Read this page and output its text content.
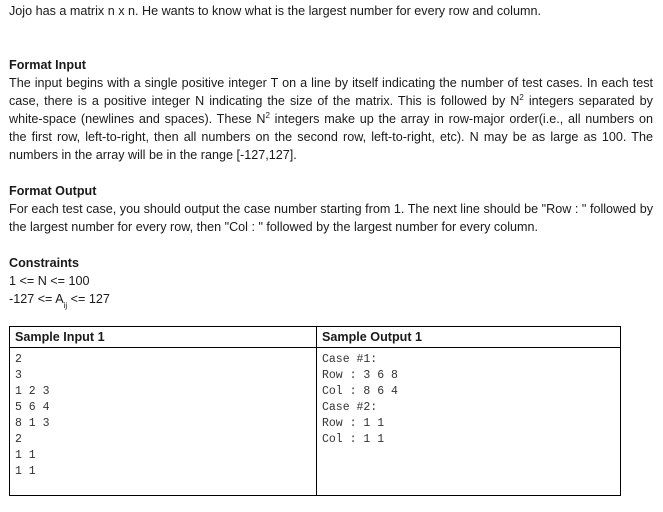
Jojo has a matrix n x n. He wants to know what is the largest number for every row and column.

Format Input

The input begins with a single positive integer T on a line by itself indicating the number of test cases. In each test case, there is a positive integer N indicating the size of the matrix. This is followed by $N^2$ integers separated by white-space (newlines and spaces). These $N^2$ integers make up the array in row-major order(i.e., all numbers on the first row, left-to-right, then all numbers on the second row, left-to-right, etc). N may be as large as 100. The numbers in the array will be in the range [-127,127].

Format Output

For each test case, you should output the case number starting from 1. The next line should be "Row : " followed by the largest number for every row, then "Col : " followed by the largest number for every column.

Constraints

1 <= N <= 100

$-127 <= A_{ij} <= 127$

Sample Input 1
2
3
1 2 3
5 6 4
8 1 3
2
1 1
1 1
Sample Output 1
Case #1:
Row : 3 6 8
Col : 8 6 4
Case #2:
Row : 1 1
Col : 1 1
